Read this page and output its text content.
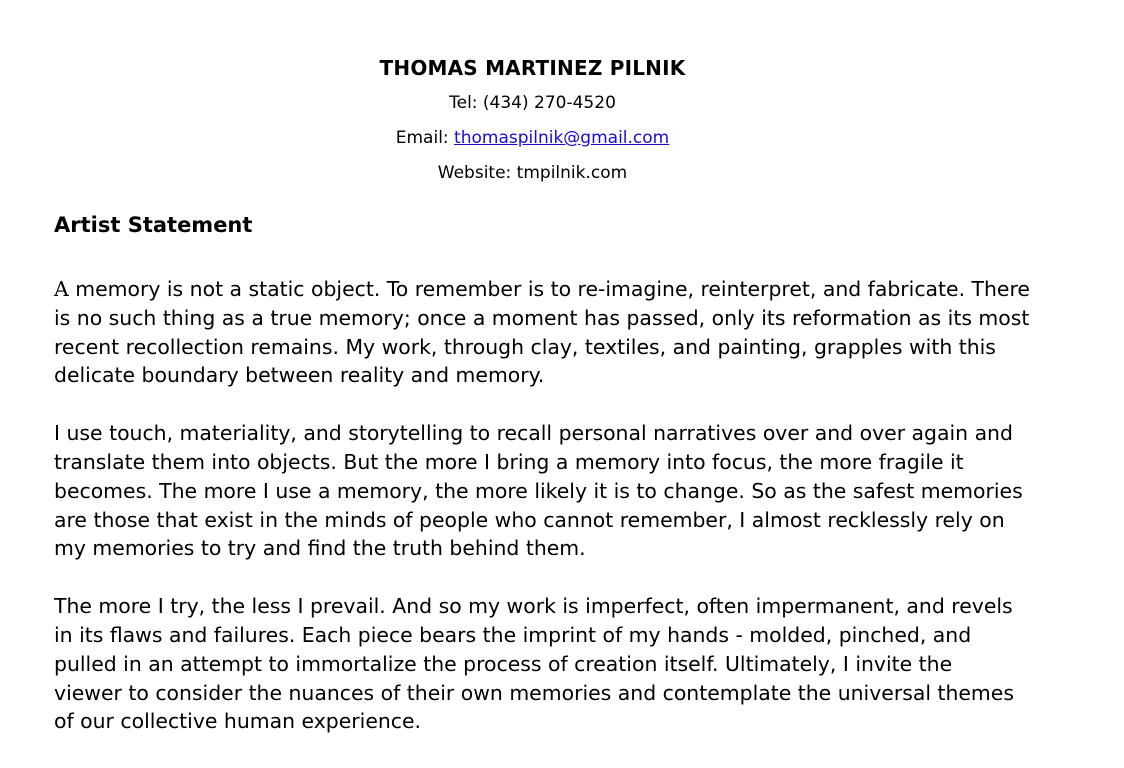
THOMAS MARTINEZ PILNIK

Tel: (434) 270-4520

Email: thomaspilnik@gmail.com

Website: tmpilnik.com

Artist Statement

A memory is not a static object. To remember is to re-imagine, reinterpret, and fabricate. There
is no such thing as a true memory; once a moment has passed, only its reformation as its most
recent recollection remains. My work, through clay, textiles, and painting, grapples with this
delicate boundary between reality and memory.

I use touch, materiality, and storytelling to recall personal narratives over and over again and
translate them into objects. But the more I bring a memory into focus, the more fragile it
becomes. The more I use a memory, the more likely it is to change. So as the safest memories
are those that exist in the minds of people who cannot remember, I almost recklessly rely on
my memories to try and find the truth behind them.

The more I try, the less I prevail. And so my work is imperfect, often impermanent, and revels
in its flaws and failures. Each piece bears the imprint of my hands - molded, pinched, and
pulled in an attempt to immortalize the process of creation itself. Ultimately, I invite the
viewer to consider the nuances of their own memories and contemplate the universal themes
of our collective human experience.
